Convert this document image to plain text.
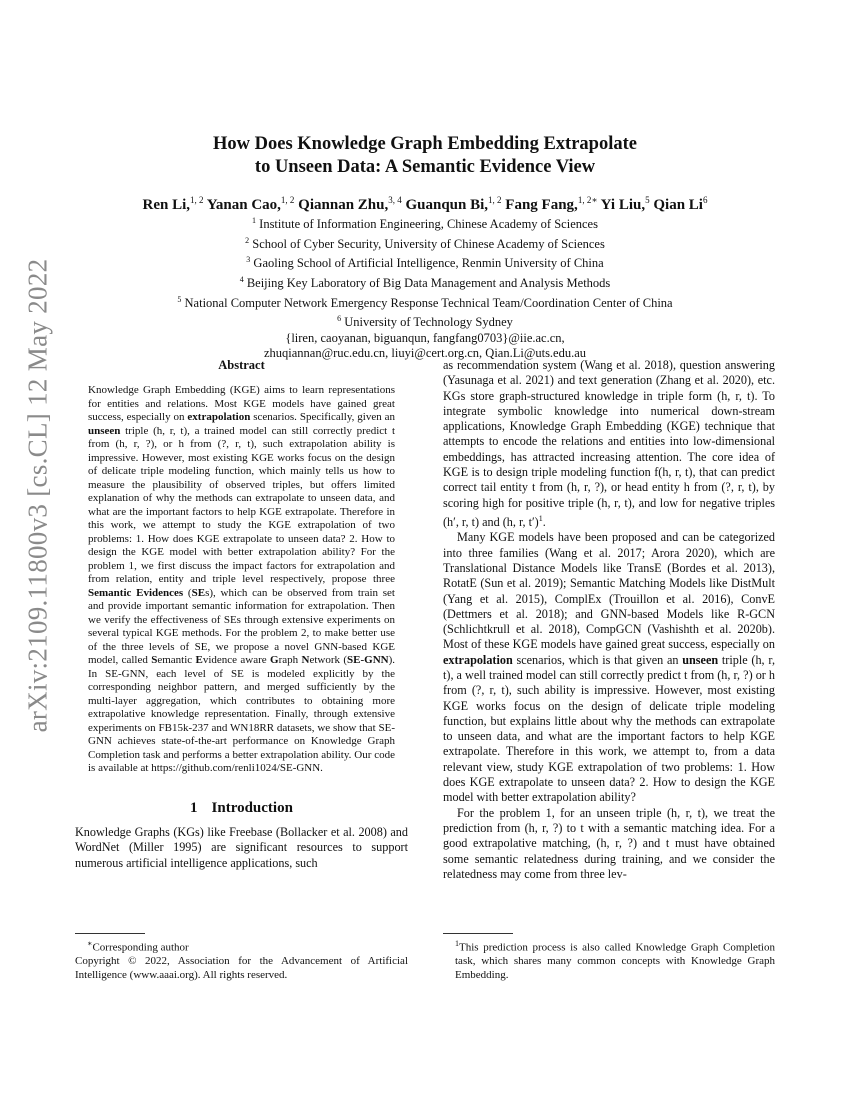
arXiv:2109.11800v3 [cs.CL] 12 May 2022
How Does Knowledge Graph Embedding Extrapolate
to Unseen Data: A Semantic Evidence View
Ren Li,$^{1, 2}$ Yanan Cao,$^{1, 2}$ Qiannan Zhu,$^{3, 4}$ Guanqun Bi,$^{1, 2}$ Fang Fang,$^{1, 2∗}$ Yi Liu,$^5$ Qian Li$^6$
$^1$ Institute of Information Engineering, Chinese Academy of Sciences
$^2$ School of Cyber Security, University of Chinese Academy of Sciences
$^3$ Gaoling School of Artificial Intelligence, Renmin University of China
$^4$ Beijing Key Laboratory of Big Data Management and Analysis Methods
$^5$ National Computer Network Emergency Response Technical Team/Coordination Center of China
$^6$ University of Technology Sydney
{liren, caoyanan, biguanqun, fangfang0703}@iie.ac.cn,
zhuqiannan@ruc.edu.cn, liuyi@cert.org.cn, Qian.Li@uts.edu.au
Abstract

Knowledge Graph Embedding (KGE) aims to learn representations for entities and relations. Most KGE models have gained great success, especially on extrapolation scenarios. Specifically, given an unseen triple (h, r, t), a trained model can still correctly predict t from (h, r, ?), or h from (?, r, t), such extrapolation ability is impressive. However, most existing KGE works focus on the design of delicate triple modeling function, which mainly tells us how to measure the plausibility of observed triples, but offers limited explanation of why the methods can extrapolate to unseen data, and what are the important factors to help KGE extrapolate. Therefore in this work, we attempt to study the KGE extrapolation of two problems: 1. How does KGE extrapolate to unseen data? 2. How to design the KGE model with better extrapolation ability? For the problem 1, we first discuss the impact factors for extrapolation and from relation, entity and triple level respectively, propose three Semantic Evidences (SEs), which can be observed from train set and provide important semantic information for extrapolation. Then we verify the effectiveness of SEs through extensive experiments on several typical KGE methods. For the problem 2, to make better use of the three levels of SE, we propose a novel GNN-based KGE model, called Semantic Evidence aware Graph Network (SE-GNN). In SE-GNN, each level of SE is modeled explicitly by the corresponding neighbor pattern, and merged sufficiently by the multi-layer aggregation, which contributes to obtaining more extrapolative knowledge representation. Finally, through extensive experiments on FB15k-237 and WN18RR datasets, we show that SE-GNN achieves state-of-the-art performance on Knowledge Graph Completion task and performs a better extrapolation ability. Our code is available at https://github.com/renli1024/SE-GNN.

1 Introduction

Knowledge Graphs (KGs) like Freebase (Bollacker et al. 2008) and WordNet (Miller 1995) are significant resources to support numerous artificial intelligence applications, such

as recommendation system (Wang et al. 2018), question answering (Yasunaga et al. 2021) and text generation (Zhang et al. 2020), etc. KGs store graph-structured knowledge in triple form (h, r, t). To integrate symbolic knowledge into numerical down-stream applications, Knowledge Graph Embedding (KGE) technique that attempts to encode the relations and entities into low-dimensional embeddings, has attracted increasing attention. The core idea of KGE is to design triple modeling function f(h, r, t), that can predict correct tail entity t from (h, r, ?), or head entity h from (?, r, t), by scoring high for positive triple (h, r, t), and low for negative triples (h′, r, t) and (h, r, t′)$^1$.

Many KGE models have been proposed and can be categorized into three families (Wang et al. 2017; Arora 2020), which are Translational Distance Models like TransE (Bordes et al. 2013), RotatE (Sun et al. 2019); Semantic Matching Models like DistMult (Yang et al. 2015), ComplEx (Trouillon et al. 2016), ConvE (Dettmers et al. 2018); and GNN-based Models like R-GCN (Schlichtkrull et al. 2018), CompGCN (Vashishth et al. 2020b). Most of these KGE models have gained great success, especially on extrapolation scenarios, which is that given an unseen triple (h, r, t), a well trained model can still correctly predict t from (h, r, ?) or h from (?, r, t), such ability is impressive. However, most existing KGE works focus on the design of delicate triple modeling function, but explains little about why the methods can extrapolate to unseen data, and what are the important factors to help KGE extrapolate. Therefore in this work, we attempt to, from a data relevant view, study KGE extrapolation of two problems: 1. How does KGE extrapolate to unseen data? 2. How to design the KGE model with better extrapolation ability?

For the problem 1, for an unseen triple (h, r, t), we treat the prediction from (h, r, ?) to t with a semantic matching idea. For a good extrapolative matching, (h, r, ?) and t must have obtained some semantic relatedness during training, and we consider the relatedness may come from three lev-

∗Corresponding author

Copyright © 2022, Association for the Advancement of Artificial Intelligence (www.aaai.org). All rights reserved.

$^1$This prediction process is also called Knowledge Graph Completion task, which shares many common concepts with Knowledge Graph Embedding.
